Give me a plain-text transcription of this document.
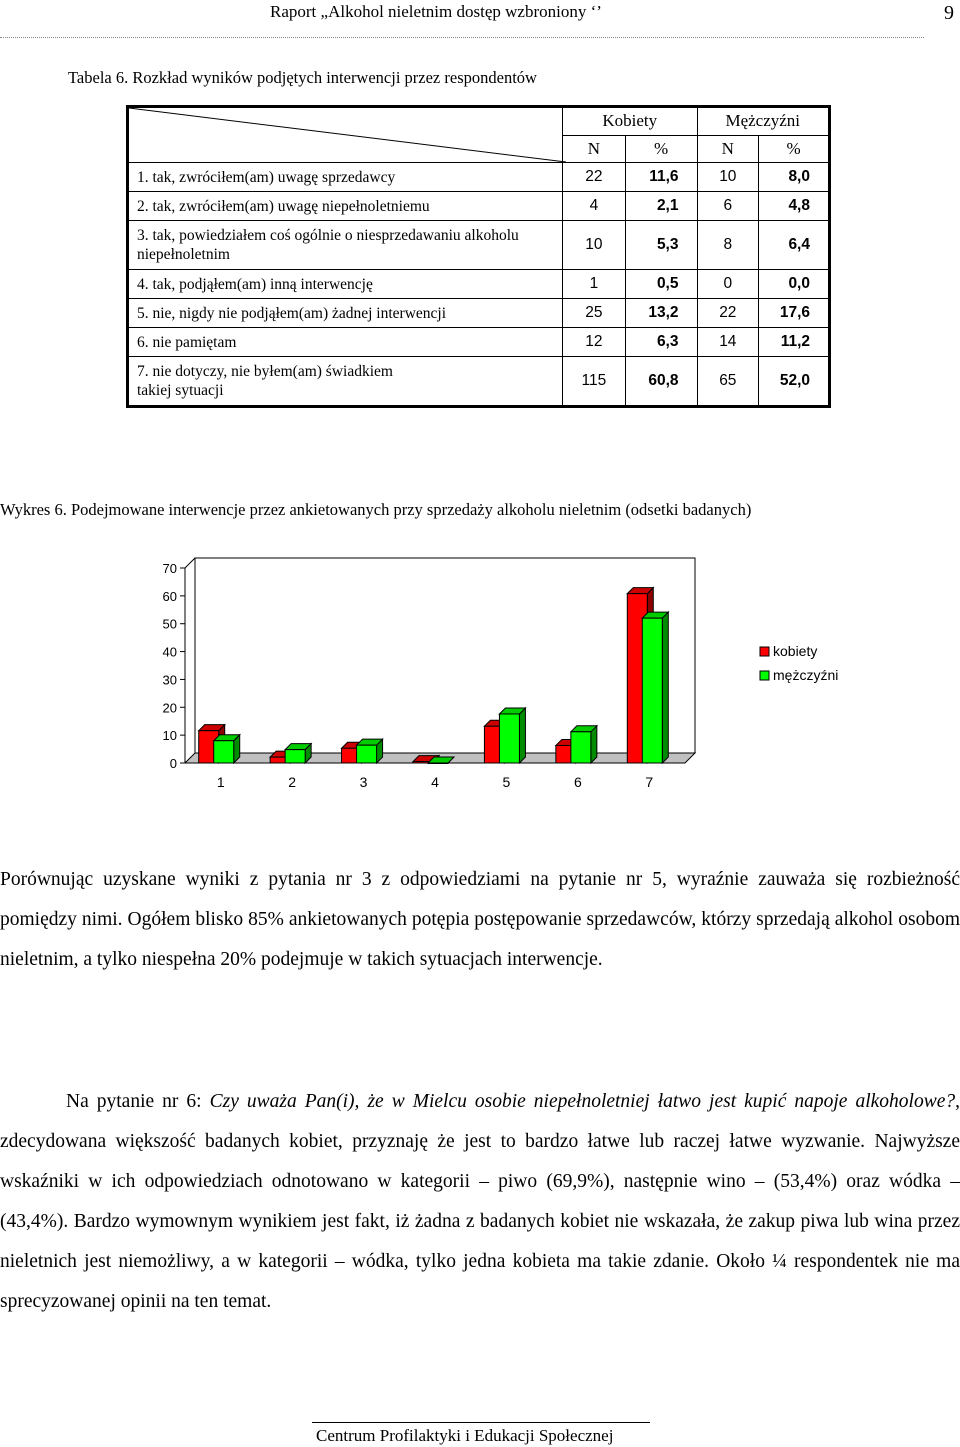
Raport „Alkohol nieletnim dostęp wzbroniony ‘’	9
Tabela 6. Rozkład wyników podjętych interwencji przez respondentów
	Kobiety		Mężczyźni	
	N	%	N	%
1. tak, zwróciłem(am) uwagę sprzedawcy	22	11,6	10	8,0
2. tak, zwróciłem(am) uwagę niepełnoletniemu	4	2,1	6	4,8
3. tak, powiedziałem coś ogólnie o niesprzedawaniu alkoholu niepełnoletnim	10	5,3	8	6,4
4. tak, podjąłem(am) inną interwencję	1	0,5	0	0,0
5. nie, nigdy nie podjąłem(am) żadnej interwencji	25	13,2	22	17,6
6. nie pamiętam	12	6,3	14	11,2
7. nie dotyczy, nie byłem(am) świadkiem takiej sytuacji	115	60,8	65	52,0
Wykres 6. Podejmowane interwencje przez ankietowanych przy sprzedaży alkoholu nieletnim (odsetki badanych)
0
10
20
30
40
50
60
70
1	2	3	4	5	6	7
kobiety
mężczyźni

Porównując uzyskane wyniki z pytania nr 3 z odpowiedziami na pytanie nr 5, wyraźnie zauważa się rozbieżność pomiędzy nimi. Ogółem blisko 85% ankietowanych potępia postępowanie sprzedawców, którzy sprzedają alkohol osobom nieletnim, a tylko niespełna 20% podejmuje w takich sytuacjach interwencje.

Na pytanie nr 6: Czy uważa Pan(i), że w Mielcu osobie niepełnoletniej łatwo jest kupić napoje alkoholowe?, zdecydowana większość badanych kobiet, przyznaję że jest to bardzo łatwe lub raczej łatwe wyzwanie. Najwyższe wskaźniki w ich odpowiedziach odnotowano w kategorii – piwo (69,9%), następnie wino – (53,4%) oraz wódka – (43,4%). Bardzo wymownym wynikiem jest fakt, iż żadna z badanych kobiet nie wskazała, że zakup piwa lub wina przez nieletnich jest niemożliwy, a w kategorii – wódka, tylko jedna kobieta ma takie zdanie. Około ¼ respondentek nie ma sprecyzowanej opinii na ten temat.

Centrum Profilaktyki i Edukacji Społecznej
